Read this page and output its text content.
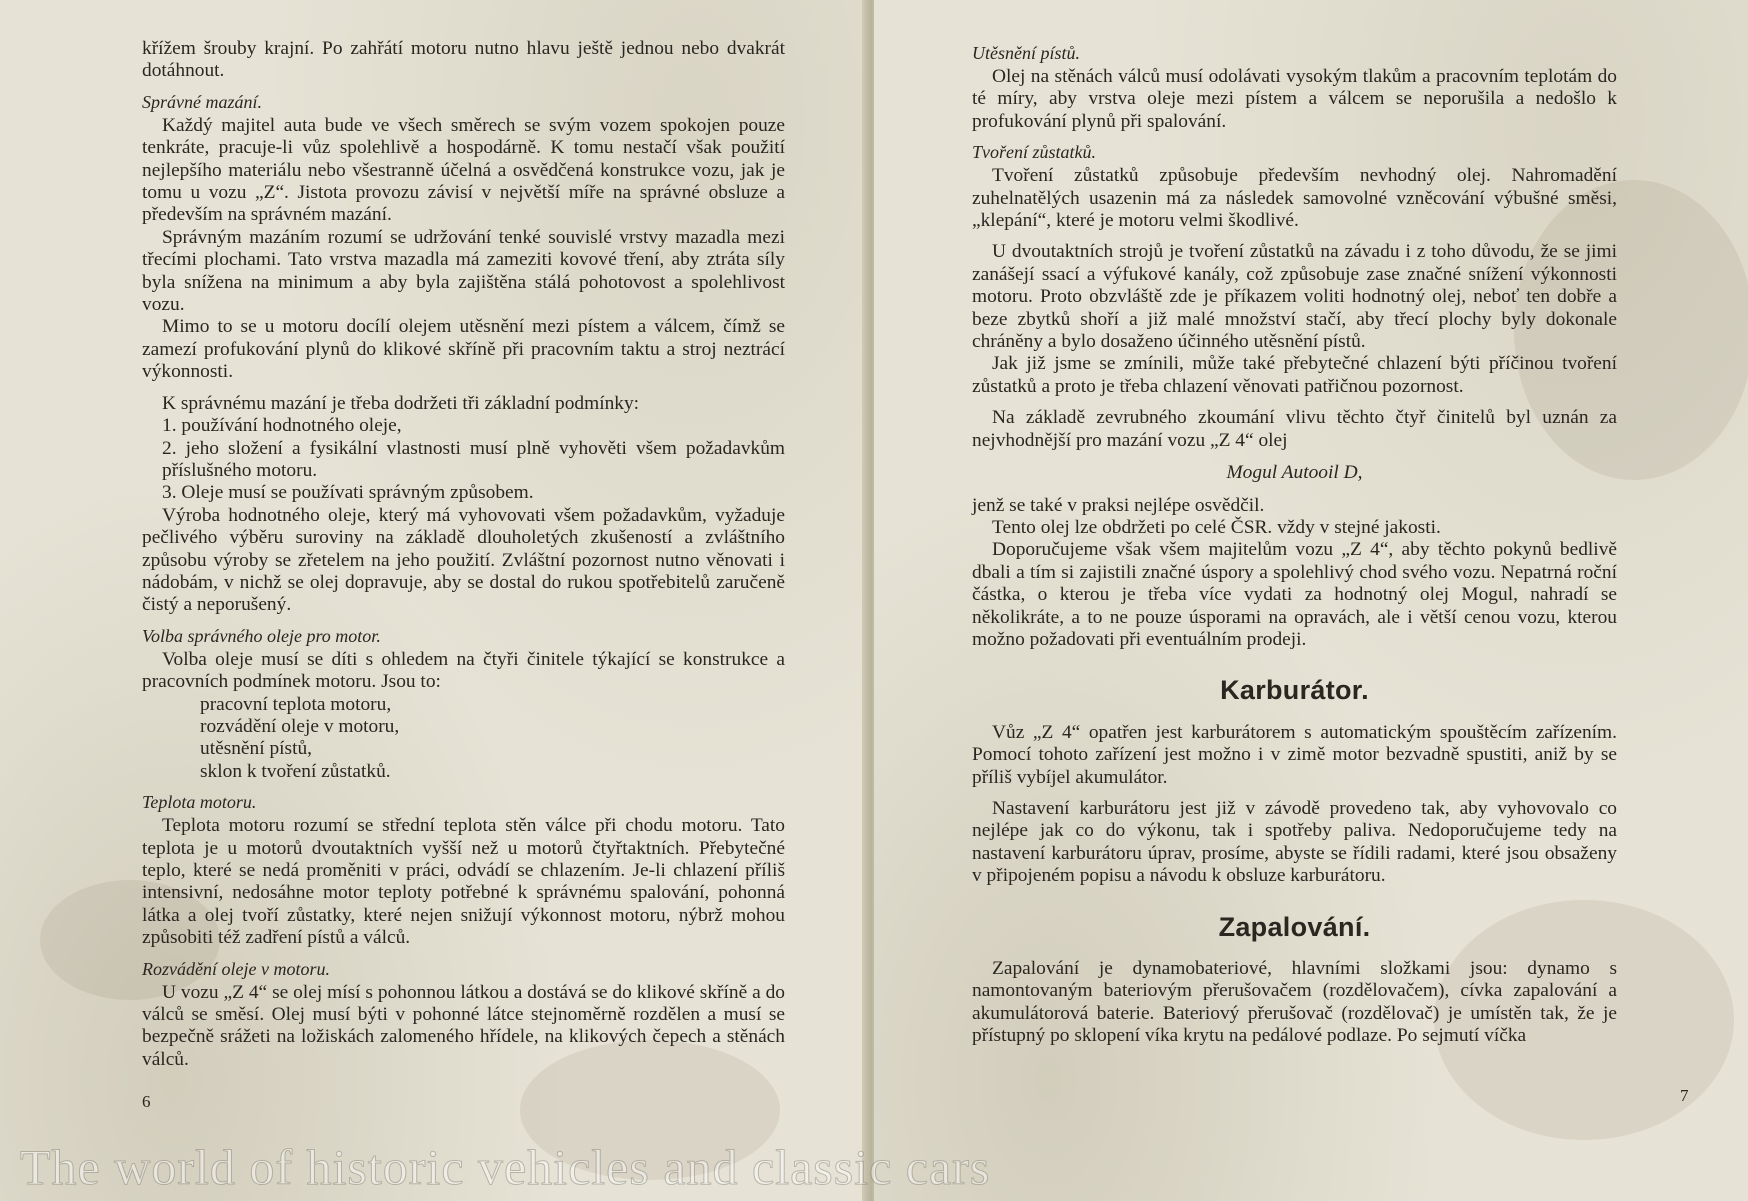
křížem šrouby krajní. Po zahřátí motoru nutno hlavu ještě jednou nebo dvakrát dotáhnout.

Správné mazání.

Každý majitel auta bude ve všech směrech se svým vozem spokojen pouze tenkráte, pracuje-li vůz spolehlivě a hospodárně. K tomu nestačí však použití nejlepšího materiálu nebo všestranně účelná a osvědčená konstrukce vozu, jak je tomu u vozu „Z“. Jistota provozu závisí v největší míře na správné obsluze a především na správném mazání.

Správným mazáním rozumí se udržování tenké souvislé vrstvy mazadla mezi třecími plochami. Tato vrstva mazadla má zameziti kovové tření, aby ztráta síly byla snížena na minimum a aby byla zajištěna stálá pohotovost a spolehlivost vozu.

Mimo to se u motoru docílí olejem utěsnění mezi pístem a válcem, čímž se zamezí profukování plynů do klikové skříně při pracovním taktu a stroj neztrácí výkonnosti.

K správnému mazání je třeba dodržeti tři základní podmínky:

1. používání hodnotného oleje,

2. jeho složení a fysikální vlastnosti musí plně vyhověti všem požadavkům příslušného motoru.

3. Oleje musí se používati správným způsobem.

Výroba hodnotného oleje, který má vyhovovati všem požadavkům, vyžaduje pečlivého výběru suroviny na základě dlouholetých zkušeností a zvláštního způsobu výroby se zřetelem na jeho použití. Zvláštní pozornost nutno věnovati i nádobám, v nichž se olej dopravuje, aby se dostal do rukou spotřebitelů zaručeně čistý a neporušený.

Volba správného oleje pro motor.

Volba oleje musí se díti s ohledem na čtyři činitele týkající se konstrukce a pracovních podmínek motoru. Jsou to:

pracovní teplota motoru,

rozvádění oleje v motoru,

utěsnění pístů,

sklon k tvoření zůstatků.

Teplota motoru.

Teplota motoru rozumí se střední teplota stěn válce při chodu motoru. Tato teplota je u motorů dvoutaktních vyšší než u motorů čtyřtaktních. Přebytečné teplo, které se nedá proměniti v práci, odvádí se chlazením. Je-li chlazení příliš intensivní, nedosáhne motor teploty potřebné k správnému spalování, pohonná látka a olej tvoří zůstatky, které nejen snižují výkonnost motoru, nýbrž mohou způsobiti též zadření pístů a válců.

Rozvádění oleje v motoru.

U vozu „Z 4“ se olej mísí s pohonnou látkou a dostává se do klikové skříně a do válců se směsí. Olej musí býti v pohonné látce stejnoměrně rozdělen a musí se bezpečně srážeti na ložiskách zalomeného hřídele, na klikových čepech a stěnách válců.

6
Utěsnění pístů.

Olej na stěnách válců musí odolávati vysokým tlakům a pracovním teplotám do té míry, aby vrstva oleje mezi pístem a válcem se neporušila a nedošlo k profukování plynů při spalování.

Tvoření zůstatků.

Tvoření zůstatků způsobuje především nevhodný olej. Nahromadění zuhelnatělých usazenin má za následek samovolné vzněcování výbušné směsi, „klepání“, které je motoru velmi škodlivé.

U dvoutaktních strojů je tvoření zůstatků na závadu i z toho důvodu, že se jimi zanášejí ssací a výfukové kanály, což způsobuje zase značné snížení výkonnosti motoru. Proto obzvláště zde je příkazem voliti hodnotný olej, neboť ten dobře a beze zbytků shoří a již malé množství stačí, aby třecí plochy byly dokonale chráněny a bylo dosaženo účinného utěsnění pístů.

Jak již jsme se zmínili, může také přebytečné chlazení býti příčinou tvoření zůstatků a proto je třeba chlazení věnovati patřičnou pozornost.

Na základě zevrubného zkoumání vlivu těchto čtyř činitelů byl uznán za nejvhodnější pro mazání vozu „Z 4“ olej

Mogul Autooil D,

jenž se také v praksi nejlépe osvědčil.

Tento olej lze obdržeti po celé ČSR. vždy v stejné jakosti.

Doporučujeme však všem majitelům vozu „Z 4“, aby těchto pokynů bedlivě dbali a tím si zajistili značné úspory a spolehlivý chod svého vozu. Nepatrná roční částka, o kterou je třeba více vydati za hodnotný olej Mogul, nahradí se několikráte, a to ne pouze úsporami na opravách, ale i větší cenou vozu, kterou možno požadovati při eventuálním prodeji.

Karburátor.

Vůz „Z 4“ opatřen jest karburátorem s automatickým spouštěcím zařízením. Pomocí tohoto zařízení jest možno i v zimě motor bezvadně spustiti, aniž by se příliš vybíjel akumulátor.

Nastavení karburátoru jest již v závodě provedeno tak, aby vyhovovalo co nejlépe jak co do výkonu, tak i spotřeby paliva. Nedoporučujeme tedy na nastavení karburátoru úprav, prosíme, abyste se řídili radami, které jsou obsaženy v připojeném popisu a návodu k obsluze karburátoru.

Zapalování.

Zapalování je dynamobateriové, hlavními složkami jsou: dynamo s namontovaným bateriovým přerušovačem (rozdělovačem), cívka zapalování a akumulátorová baterie. Bateriový přerušovač (rozdělovač) je umístěn tak, že je přístupný po sklopení víka krytu na pedálové podlaze. Po sejmutí víčka

7
The world of historic vehicles and classic cars
